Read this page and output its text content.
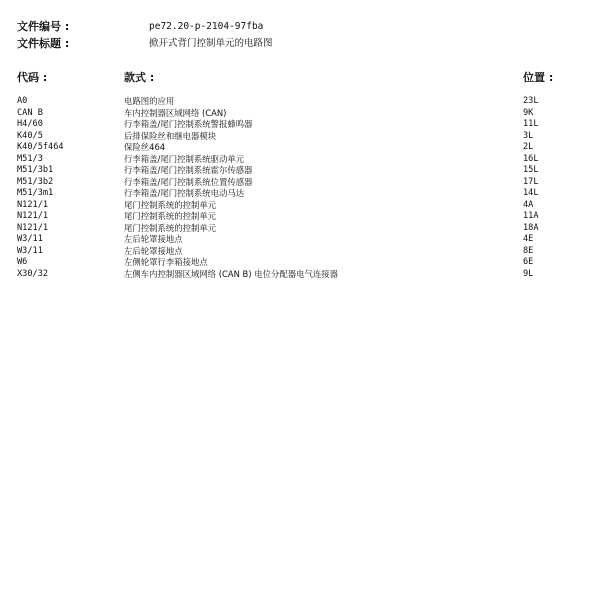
文件编号 :	pe72.20-p-2104-97fba
文件标题 :	掀开式背门控制单元的电路图
代码 :	款式 :	位置 :
A0	电路图的应用	23L
CAN B	车内控制器区域网络 (CAN)	9K
H4/60	行李箱盖/尾门控制系统警报蜂鸣器	11L
K40/5	后排保险丝和继电器模块	3L
K40/5f464	保险丝464	2L
M51/3	行李箱盖/尾门控制系统驱动单元	16L
M51/3b1	行李箱盖/尾门控制系统霍尔传感器	15L
M51/3b2	行李箱盖/尾门控制系统位置传感器	17L
M51/3m1	行李箱盖/尾门控制系统电动马达	14L
N121/1	尾门控制系统的控制单元	4A
N121/1	尾门控制系统的控制单元	11A
N121/1	尾门控制系统的控制单元	18A
W3/11	左后轮罩接地点	4E
W3/11	左后轮罩接地点	8E
W6	左侧轮罩行李箱接地点	6E
X30/32	左侧车内控制器区域网络 (CAN B) 电位分配器电气连接器	9L
